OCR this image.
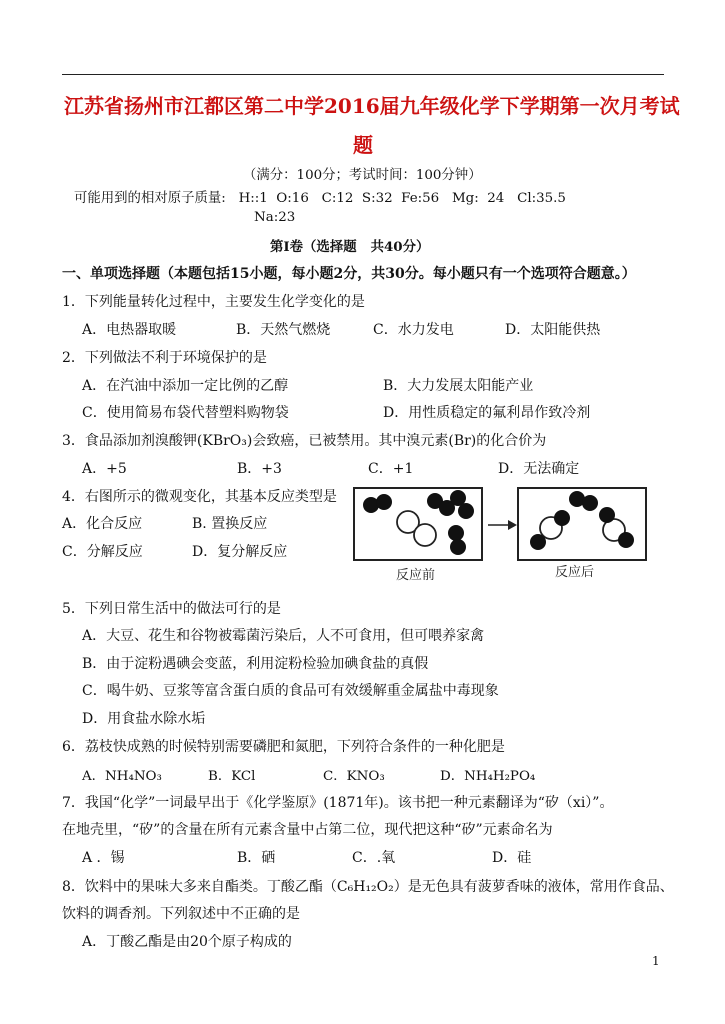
江苏省扬州市江都区第二中学2016届九年级化学下学期第一次月考试
题
（满分：100分；考试时间：100分钟）
可能用到的相对原子质量:   H::1  O:16   C:12  S:32  Fe:56   Mg:  24   Cl:35.5
Na:23
第Ⅰ卷（选择题   共40分）
一、单项选择题（本题包括15小题，每小题2分，共30分。每小题只有一个选项符合题意。）
1．下列能量转化过程中，主要发生化学变化的是
A．电热器取暖	B．天然气燃烧	C．水力发电	D．太阳能供热
2．下列做法不利于环境保护的是
A．在汽油中添加一定比例的乙醇	B．大力发展太阳能产业
C．使用简易布袋代替塑料购物袋	D．用性质稳定的氟利昂作致冷剂
3．食品添加剂溴酸钾(KBrO₃)会致癌，已被禁用。其中溴元素(Br)的化合价为
A．+5	B．+3	C．+1	D．无法确定
4．右图所示的微观变化，其基本反应类型是
A．化合反应	B. 置换反应
C．分解反应	D．复分解反应
反应前	反应后
5．下列日常生活中的做法可行的是
A．大豆、花生和谷物被霉菌污染后，人不可食用，但可喂养家禽
B．由于淀粉遇碘会变蓝，利用淀粉检验加碘食盐的真假
C．喝牛奶、豆浆等富含蛋白质的食品可有效缓解重金属盐中毒现象
D．用食盐水除水垢
6．荔枝快成熟的时候特别需要磷肥和氮肥，下列符合条件的一种化肥是
A．NH₄NO₃	B．KCl	C．KNO₃	D．NH₄H₂PO₄
7．我国“化学”一词最早出于《化学鉴原》(1871年)。该书把一种元素翻译为“矽（xi）”。
在地壳里，“矽”的含量在所有元素含量中占第二位，现代把这种“矽”元素命名为
A ．锡	B．硒	C．.氧	D．硅
8．饮料中的果味大多来自酯类。丁酸乙酯（C₆H₁₂O₂）是无色具有菠萝香味的液体，常用作食品、
饮料的调香剂。下列叙述中不正确的是
A．丁酸乙酯是由20个原子构成的
1
